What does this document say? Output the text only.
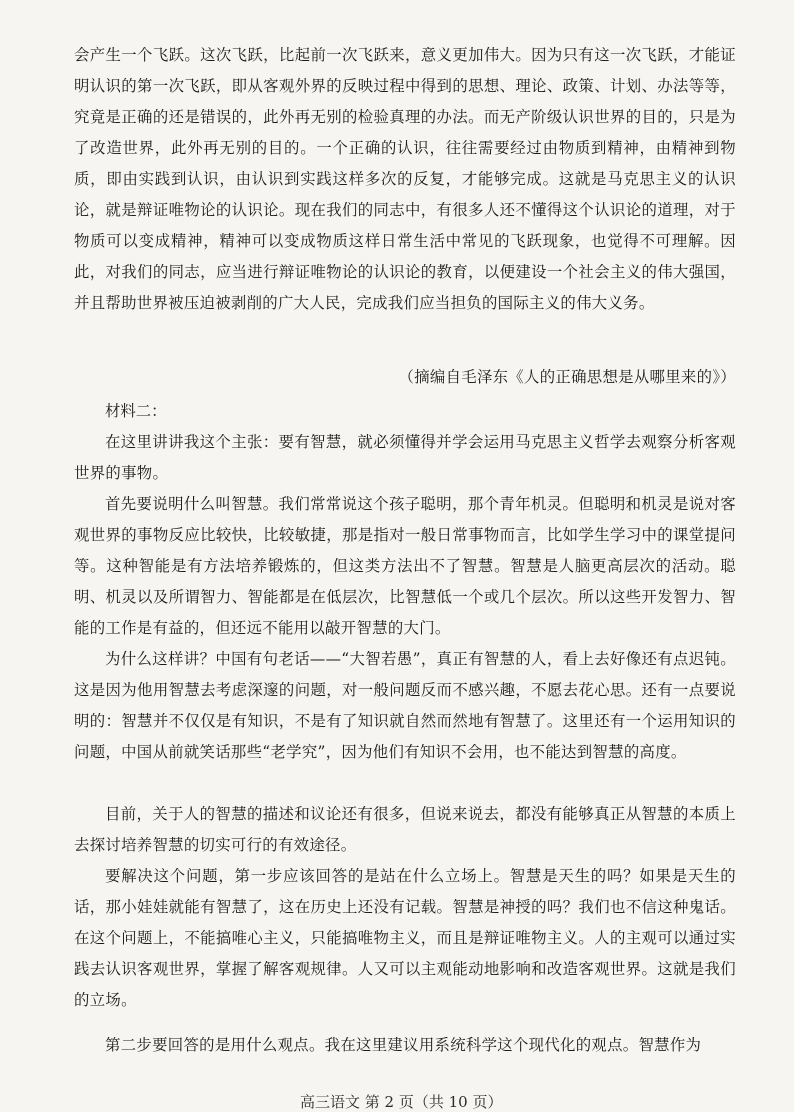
会产生一个飞跃。这次飞跃，比起前一次飞跃来，意义更加伟大。因为只有这一次飞跃，才能证明认识的第一次飞跃，即从客观外界的反映过程中得到的思想、理论、政策、计划、办法等等，究竟是正确的还是错误的，此外再无别的检验真理的办法。而无产阶级认识世界的目的，只是为了改造世界，此外再无别的目的。一个正确的认识，往往需要经过由物质到精神，由精神到物质，即由实践到认识，由认识到实践这样多次的反复，才能够完成。这就是马克思主义的认识论，就是辩证唯物论的认识论。现在我们的同志中，有很多人还不懂得这个认识论的道理，对于物质可以变成精神，精神可以变成物质这样日常生活中常见的飞跃现象，也觉得不可理解。因此，对我们的同志，应当进行辩证唯物论的认识论的教育，以便建设一个社会主义的伟大强国，并且帮助世界被压迫被剥削的广大人民，完成我们应当担负的国际主义的伟大义务。

（摘编自毛泽东《人的正确思想是从哪里来的》）
材料二：

在这里讲讲我这个主张：要有智慧，就必须懂得并学会运用马克思主义哲学去观察分析客观世界的事物。

首先要说明什么叫智慧。我们常常说这个孩子聪明，那个青年机灵。但聪明和机灵是说对客观世界的事物反应比较快，比较敏捷，那是指对一般日常事物而言，比如学生学习中的课堂提问等。这种智能是有方法培养锻炼的，但这类方法出不了智慧。智慧是人脑更高层次的活动。聪明、机灵以及所谓智力、智能都是在低层次，比智慧低一个或几个层次。所以这些开发智力、智能的工作是有益的，但还远不能用以敲开智慧的大门。

为什么这样讲？中国有句老话——“大智若愚”，真正有智慧的人，看上去好像还有点迟钝。这是因为他用智慧去考虑深邃的问题，对一般问题反而不感兴趣，不愿去花心思。还有一点要说明的：智慧并不仅仅是有知识，不是有了知识就自然而然地有智慧了。这里还有一个运用知识的问题，中国从前就笑话那些“老学究”，因为他们有知识不会用，也不能达到智慧的高度。

目前，关于人的智慧的描述和议论还有很多，但说来说去，都没有能够真正从智慧的本质上去探讨培养智慧的切实可行的有效途径。

要解决这个问题，第一步应该回答的是站在什么立场上。智慧是天生的吗？如果是天生的话，那小娃娃就能有智慧了，这在历史上还没有记载。智慧是神授的吗？我们也不信这种鬼话。在这个问题上，不能搞唯心主义，只能搞唯物主义，而且是辩证唯物主义。人的主观可以通过实践去认识客观世界，掌握了解客观规律。人又可以主观能动地影响和改造客观世界。这就是我们的立场。

第二步要回答的是用什么观点。我在这里建议用系统科学这个现代化的观点。智慧作为

高三语文 第 2 页（共 10 页）
